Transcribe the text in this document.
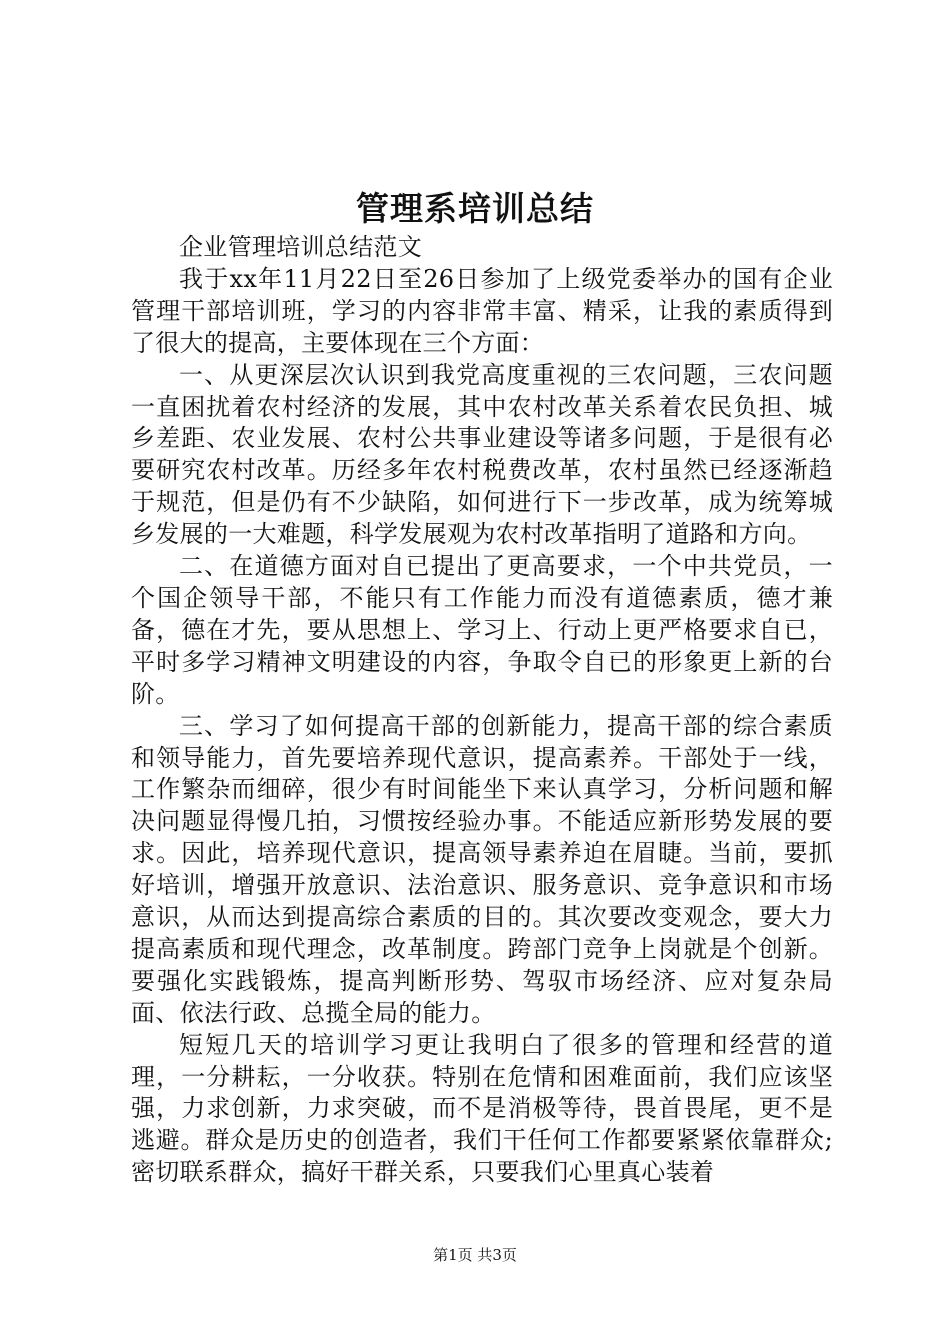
管理系培训总结

企业管理培训总结范文

我于xx年11月22日至26日参加了上级党委举办的国有企业管理干部培训班，学习的内容非常丰富、精采，让我的素质得到了很大的提高，主要体现在三个方面：

一、从更深层次认识到我党高度重视的三农问题，三农问题一直困扰着农村经济的发展，其中农村改革关系着农民负担、城乡差距、农业发展、农村公共事业建设等诸多问题，于是很有必要研究农村改革。历经多年农村税费改革，农村虽然已经逐渐趋于规范，但是仍有不少缺陷，如何进行下一步改革，成为统筹城乡发展的一大难题，科学发展观为农村改革指明了道路和方向。

二、在道德方面对自已提出了更高要求，一个中共党员，一个国企领导干部，不能只有工作能力而没有道德素质，德才兼备，德在才先，要从思想上、学习上、行动上更严格要求自已，平时多学习精神文明建设的内容，争取令自已的形象更上新的台阶。

三、学习了如何提高干部的创新能力，提高干部的综合素质和领导能力，首先要培养现代意识，提高素养。干部处于一线，工作繁杂而细碎，很少有时间能坐下来认真学习，分析问题和解决问题显得慢几拍，习惯按经验办事。不能适应新形势发展的要求。因此，培养现代意识，提高领导素养迫在眉睫。当前，要抓好培训，增强开放意识、法治意识、服务意识、竞争意识和市场意识，从而达到提高综合素质的目的。其次要改变观念，要大力提高素质和现代理念，改革制度。跨部门竞争上岗就是个创新。要强化实践锻炼，提高判断形势、驾驭市场经济、应对复杂局面、依法行政、总揽全局的能力。

短短几天的培训学习更让我明白了很多的管理和经营的道理，一分耕耘，一分收获。特别在危情和困难面前，我们应该坚强，力求创新，力求突破，而不是消极等待，畏首畏尾，更不是逃避。群众是历史的创造者，我们干任何工作都要紧紧依靠群众;密切联系群众，搞好干群关系，只要我们心里真心装着

第1页 共3页
